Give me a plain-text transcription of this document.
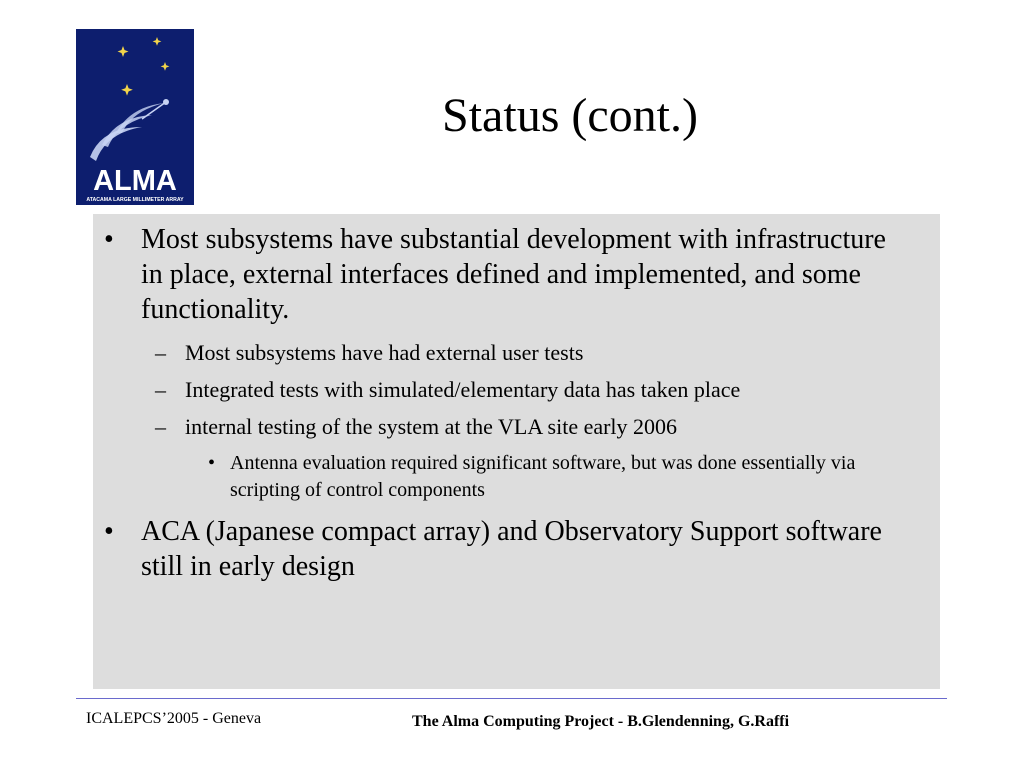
ALMA
ATACAMA LARGE MILLIMETER ARRAY
Status (cont.)
• Most subsystems have substantial development with infrastructure in place, external interfaces defined and implemented, and some functionality.
– Most subsystems have had external user tests
– Integrated tests with simulated/elementary data has taken place
– internal testing of the system at the VLA site early 2006
• Antenna evaluation required significant software, but was done essentially via scripting of control components
• ACA (Japanese compact array) and Observatory Support software still in early design
ICALEPCS’2005 - Geneva	The Alma Computing Project - B.Glendenning, G.Raffi
